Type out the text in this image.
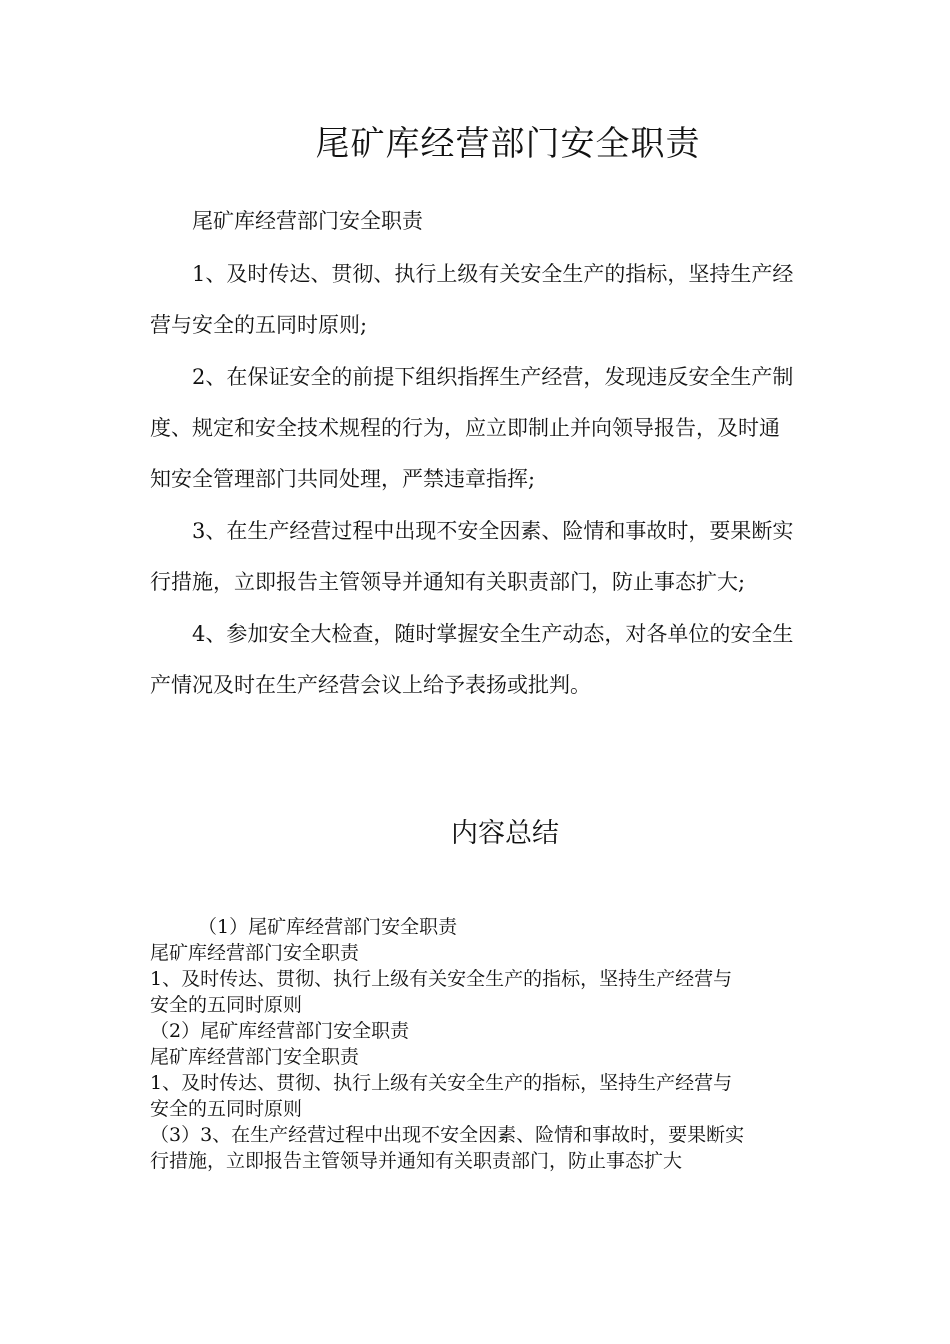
尾矿库经营部门安全职责

尾矿库经营部门安全职责

1、及时传达、贯彻、执行上级有关安全生产的指标，坚持生产经营与安全的五同时原则;

2、在保证安全的前提下组织指挥生产经营，发现违反安全生产制度、规定和安全技术规程的行为，应立即制止并向领导报告，及时通知安全管理部门共同处理，严禁违章指挥;

3、在生产经营过程中出现不安全因素、险情和事故时，要果断实行措施，立即报告主管领导并通知有关职责部门，防止事态扩大;

4、参加安全大检查，随时掌握安全生产动态，对各单位的安全生产情况及时在生产经营会议上给予表扬或批判。

内容总结
（1）尾矿库经营部门安全职责
尾矿库经营部门安全职责
1、及时传达、贯彻、执行上级有关安全生产的指标，坚持生产经营与
安全的五同时原则
（2）尾矿库经营部门安全职责
尾矿库经营部门安全职责
1、及时传达、贯彻、执行上级有关安全生产的指标，坚持生产经营与
安全的五同时原则
（3）3、在生产经营过程中出现不安全因素、险情和事故时，要果断实
行措施，立即报告主管领导并通知有关职责部门，防止事态扩大
